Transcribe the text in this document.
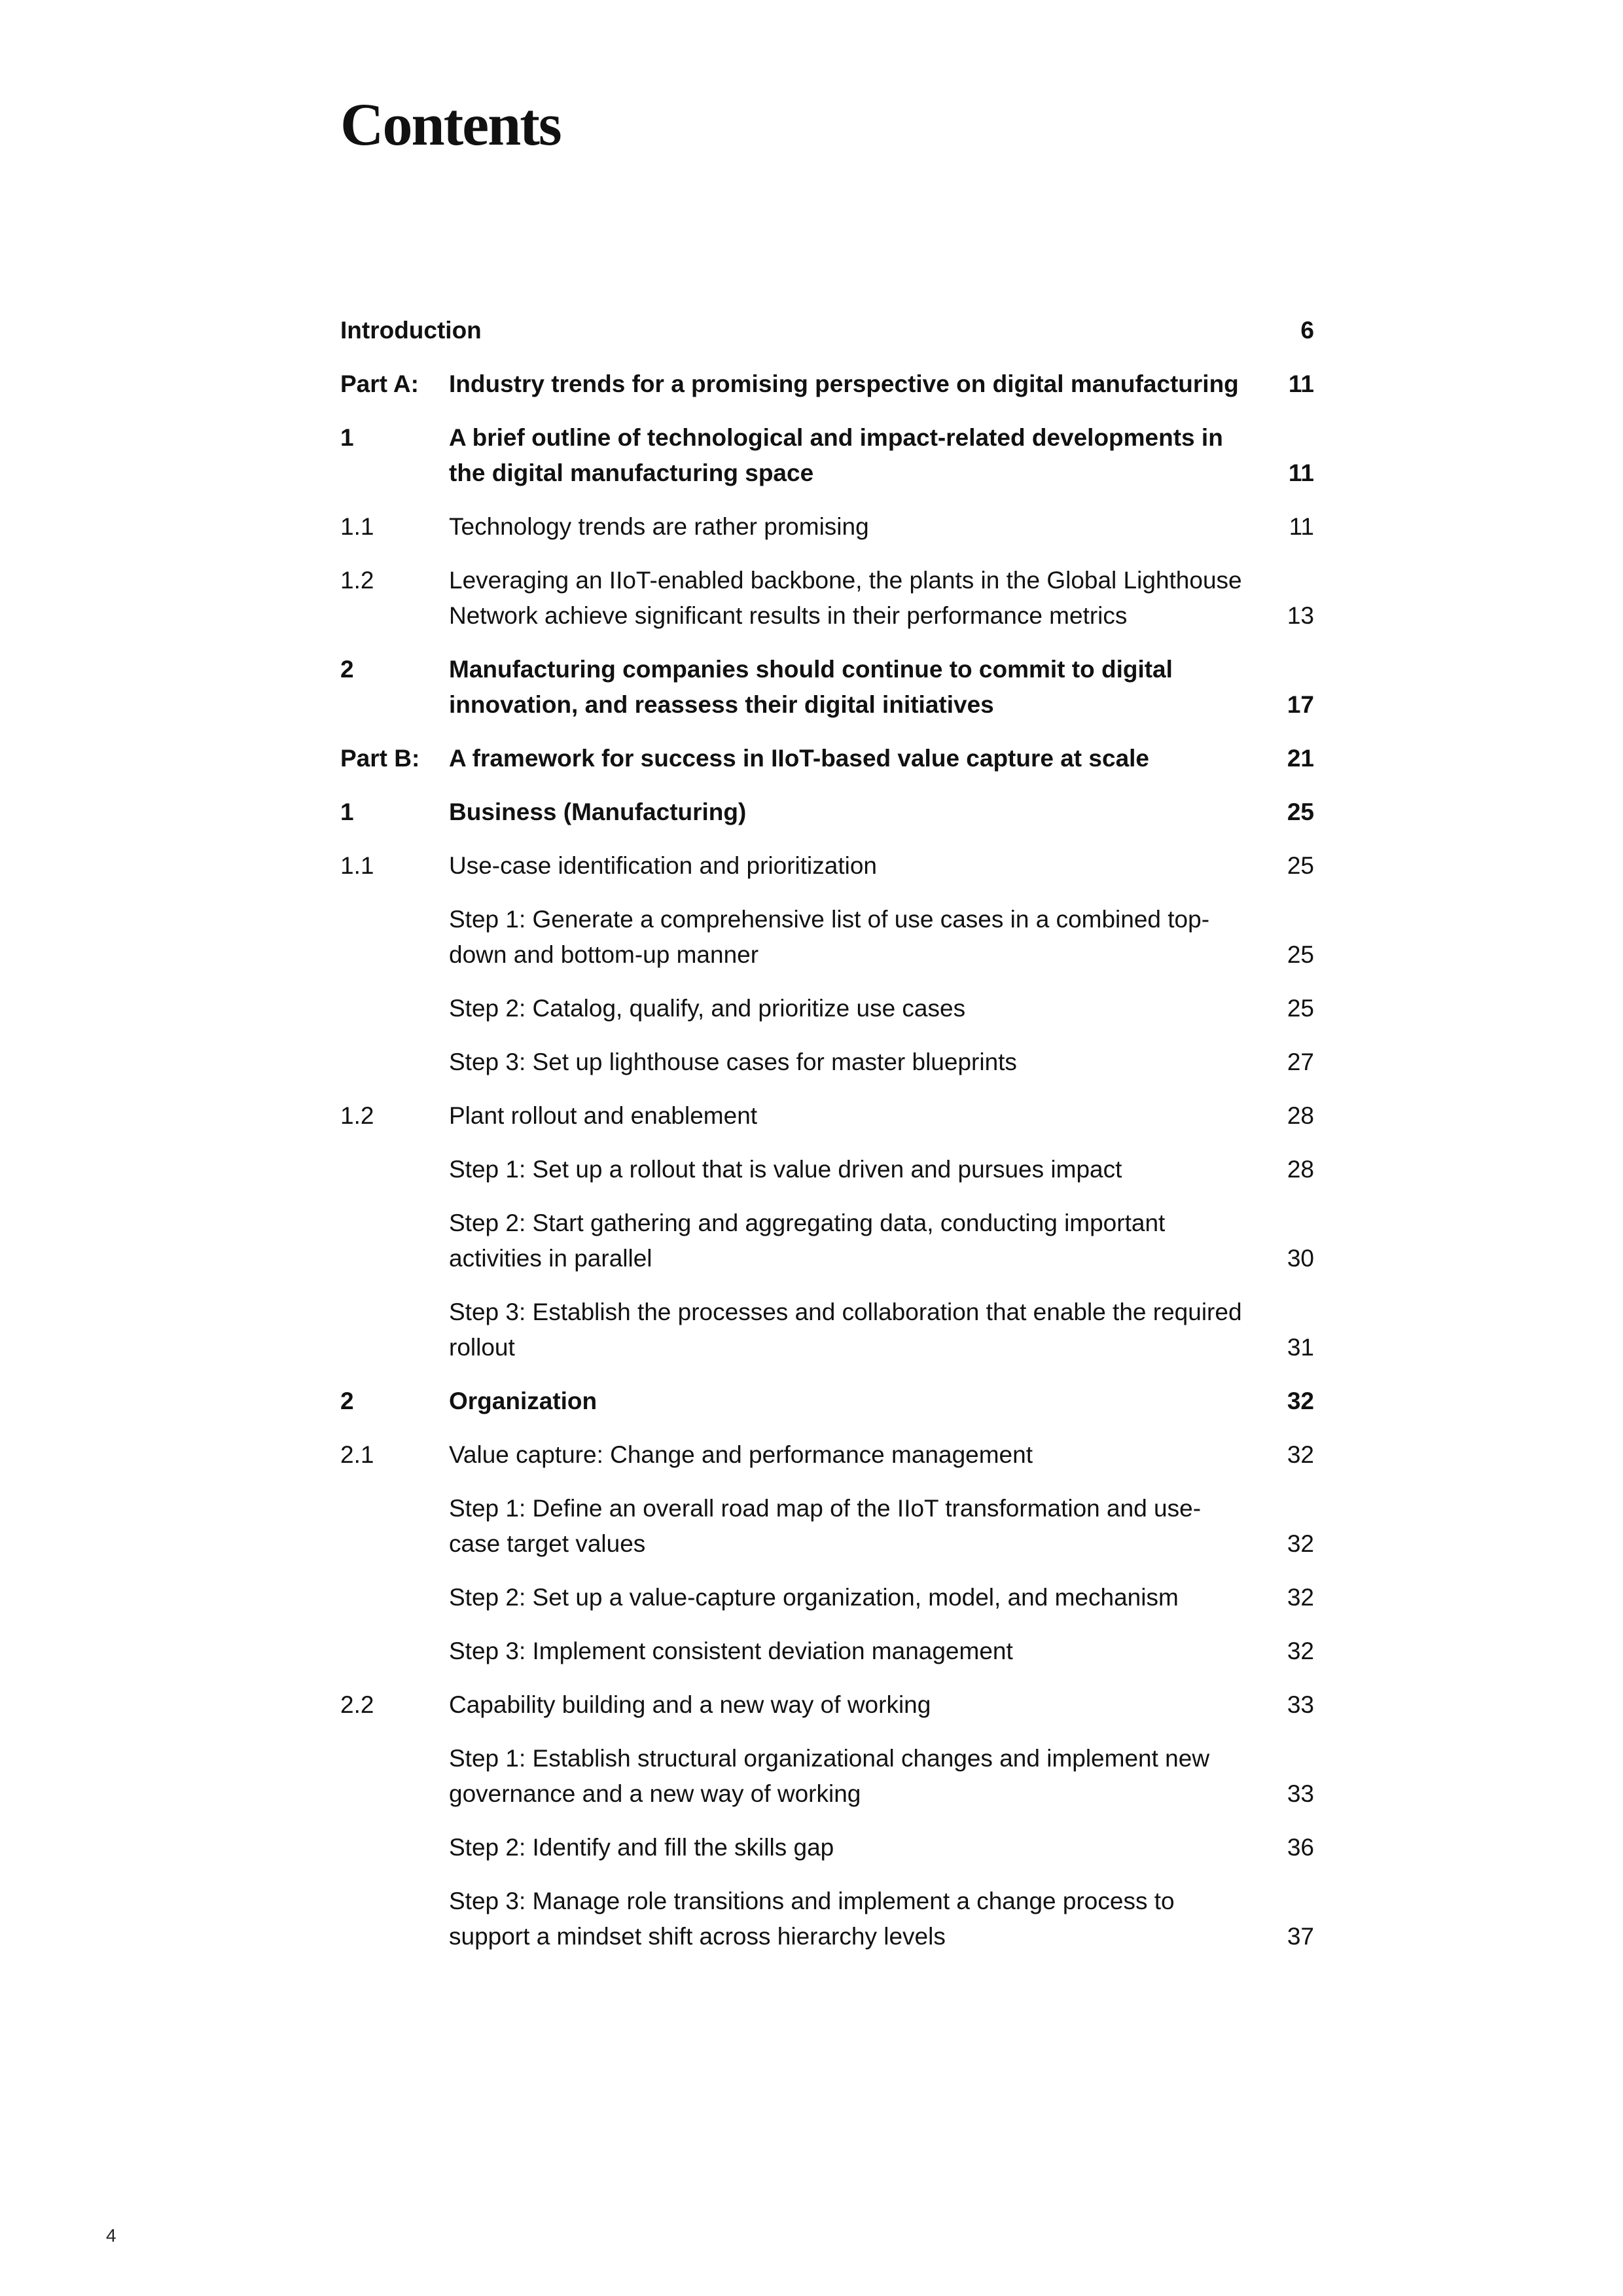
Contents
Introduction	6
Part A:	Industry trends for a promising perspective on digital manufacturing	11
1	A brief outline of technological and impact-related developments in the digital manufacturing space	11
1.1	Technology trends are rather promising	11
1.2	Leveraging an IIoT-enabled backbone, the plants in the Global Lighthouse Network achieve significant results in their performance metrics	13
2	Manufacturing companies should continue to commit to digital innovation, and reassess their digital initiatives	17
Part B:	A framework for success in IIoT-based value capture at scale	21
1	Business (Manufacturing)	25
1.1	Use-case identification and prioritization	25
Step 1: Generate a comprehensive list of use cases in a combined top-down and bottom-up manner	25
Step 2: Catalog, qualify, and prioritize use cases	25
Step 3: Set up lighthouse cases for master blueprints	27
1.2	Plant rollout and enablement	28
Step 1: Set up a rollout that is value driven and pursues impact	28
Step 2: Start gathering and aggregating data, conducting important activities in parallel	30
Step 3: Establish the processes and collaboration that enable the required rollout	31
2	Organization	32
2.1	Value capture: Change and performance management	32
Step 1: Define an overall road map of the IIoT transformation and use-case target values	32
Step 2: Set up a value-capture organization, model, and mechanism	32
Step 3: Implement consistent deviation management	32
2.2	Capability building and a new way of working	33
Step 1: Establish structural organizational changes and implement new governance and a new way of working	33
Step 2: Identify and fill the skills gap	36
Step 3: Manage role transitions and implement a change process to support a mindset shift across hierarchy levels	37
4
